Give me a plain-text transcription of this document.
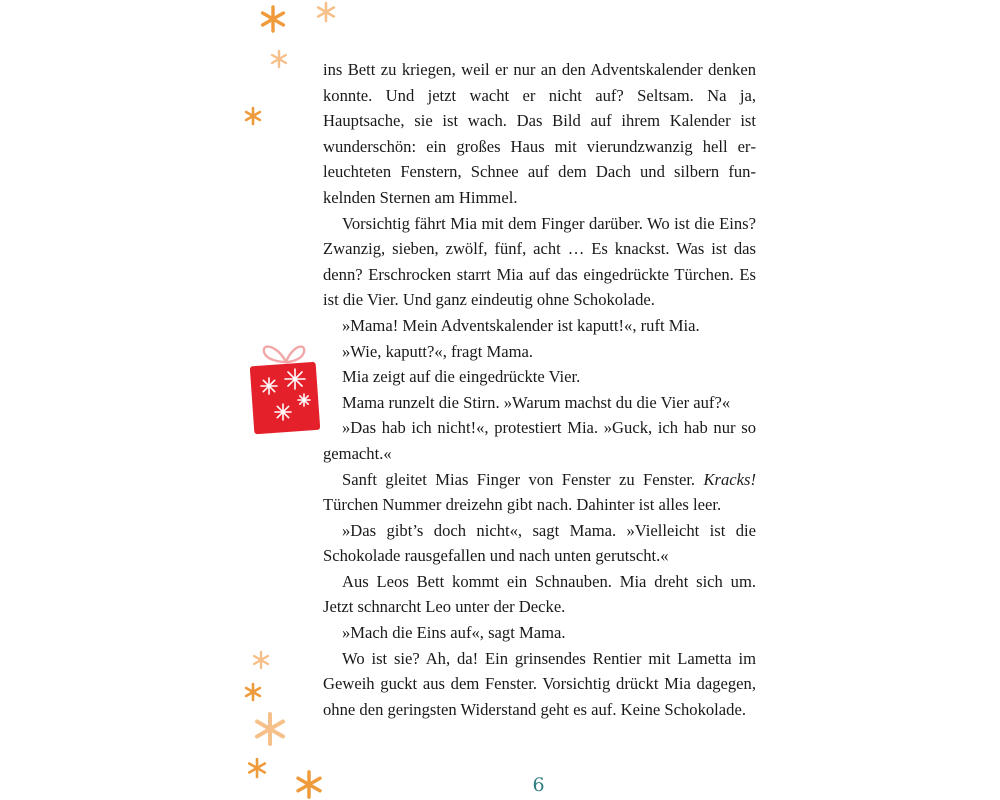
ins Bett zu kriegen, weil er nur an den Adventskalender denken konnte. Und jetzt wacht er nicht auf? Seltsam. Na ja, Hauptsache, sie ist wach. Das Bild auf ihrem Kalender ist wunderschön: ein großes Haus mit vierundzwanzig hell erleuchteten Fenstern, Schnee auf dem Dach und silbern funkelnden Sternen am Himmel.

Vorsichtig fährt Mia mit dem Finger darüber. Wo ist die Eins? Zwanzig, sieben, zwölf, fünf, acht … Es knackst. Was ist das denn? Erschrocken starrt Mia auf das eingedrückte Türchen. Es ist die Vier. Und ganz eindeutig ohne Schokolade.

»Mama! Mein Adventskalender ist kaputt!«, ruft Mia.

»Wie, kaputt?«, fragt Mama.

Mia zeigt auf die eingedrückte Vier.

Mama runzelt die Stirn. »Warum machst du die Vier auf?«

»Das hab ich nicht!«, protestiert Mia. »Guck, ich hab nur so gemacht.«

Sanft gleitet Mias Finger von Fenster zu Fenster. Kracks! Türchen Nummer dreizehn gibt nach. Dahinter ist alles leer.

»Das gibt’s doch nicht«, sagt Mama. »Vielleicht ist die Schokolade rausgefallen und nach unten gerutscht.«

Aus Leos Bett kommt ein Schnauben. Mia dreht sich um. Jetzt schnarcht Leo unter der Decke.

»Mach die Eins auf«, sagt Mama.

Wo ist sie? Ah, da! Ein grinsendes Rentier mit Lametta im Geweih guckt aus dem Fenster. Vorsichtig drückt Mia dagegen, ohne den geringsten Widerstand geht es auf. Keine Schokolade.

6
